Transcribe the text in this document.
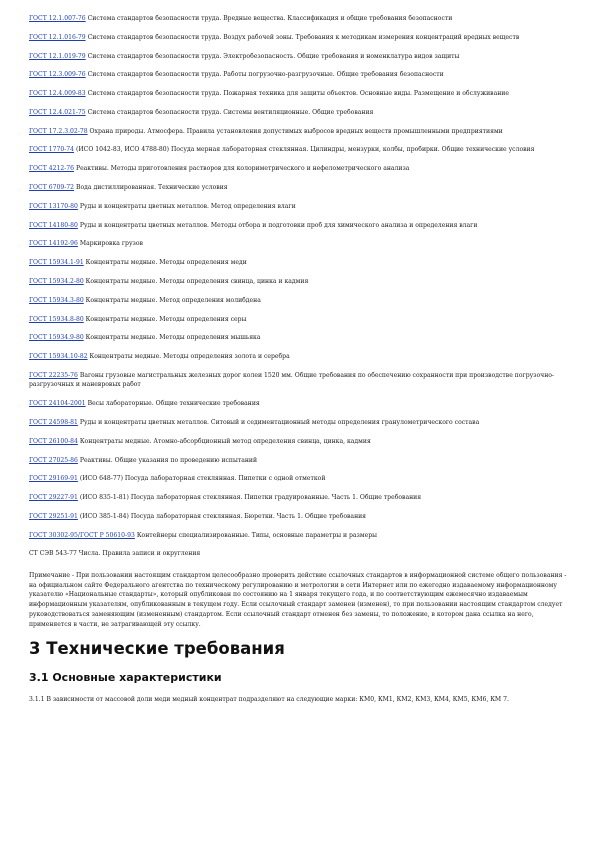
ГОСТ 12.1.007-76 Система стандартов безопасности труда. Вредные вещества. Классификация и общие требования безопасности

ГОСТ 12.1.016-79 Система стандартов безопасности труда. Воздух рабочей зоны. Требования к методикам измерения концентраций вредных веществ

ГОСТ 12.1.019-79 Система стандартов безопасности труда. Электробезопасность. Общие требования и номенклатура видов защиты

ГОСТ 12.3.009-76 Система стандартов безопасности труда. Работы погрузочно-разгрузочные. Общие требования безопасности

ГОСТ 12.4.009-83 Система стандартов безопасности труда. Пожарная техника для защиты объектов. Основные виды. Размещение и обслуживание

ГОСТ 12.4.021-75 Система стандартов безопасности труда. Системы вентиляционные. Общие требования

ГОСТ 17.2.3.02-78 Охрана природы. Атмосфера. Правила установления допустимых выбросов вредных веществ промышленными предприятиями

ГОСТ 1770-74 (ИСО 1042-83, ИСО 4788-80) Посуда мерная лабораторная стеклянная. Цилиндры, мензурки, колбы, пробирки. Общие технические условия

ГОСТ 4212-76 Реактивы. Методы приготовления растворов для колориметрического и нефелометрического анализа

ГОСТ 6709-72 Вода дистиллированная. Технические условия

ГОСТ 13170-80 Руды и концентраты цветных металлов. Метод определения влаги

ГОСТ 14180-80 Руды и концентраты цветных металлов. Методы отбора и подготовки проб для химического анализа и определения влаги

ГОСТ 14192-96 Маркировка грузов

ГОСТ 15934.1-91 Концентраты медные. Методы определения меди

ГОСТ 15934.2-80 Концентраты медные. Методы определения свинца, цинка и кадмия

ГОСТ 15934.3-80 Концентраты медные. Метод определения молибдена

ГОСТ 15934.8-80 Концентраты медные. Методы определения серы

ГОСТ 15934.9-80 Концентраты медные. Методы определения мышьяка

ГОСТ 15934.10-82 Концентраты медные. Методы определения золота и серебра

ГОСТ 22235-76 Вагоны грузовые магистральных железных дорог колеи 1520 мм. Общие требования по обеспечению сохранности при производстве погрузочно-разгрузочных и маневровых работ

ГОСТ 24104-2001 Весы лабораторные. Общие технические требования

ГОСТ 24598-81 Руды и концентраты цветных металлов. Ситовый и седиментационный методы определения гранулометрического состава

ГОСТ 26100-84 Концентраты медные. Атомно-абсорбционный метод определения свинца, цинка, кадмия

ГОСТ 27025-86 Реактивы. Общие указания по проведению испытаний

ГОСТ 29169-91 (ИСО 648-77) Посуда лабораторная стеклянная. Пипетки с одной отметкой

ГОСТ 29227-91 (ИСО 835-1-81) Посуда лабораторная стеклянная. Пипетки градуированные. Часть 1. Общие требования

ГОСТ 29251-91 (ИСО 385-1-84) Посуда лабораторная стеклянная. Бюретки. Часть 1. Общие требования

ГОСТ 30302-95/ГОСТ Р 50610-93 Контейнеры специализированные. Типы, основные параметры и размеры

СТ СЭВ 543-77 Числа. Правила записи и округления

Примечание - При пользовании настоящим стандартом целесообразно проверить действие ссылочных стандартов в информационной системе общего пользования - на официальном сайте Федерального агентства по техническому регулированию и метрологии в сети Интернет или по ежегодно издаваемому информационному указателю «Национальные стандарты», который опубликован по состоянию на 1 января текущего года, и по соответствующим ежемесячно издаваемым информационным указателям, опубликованным в текущем году. Если ссылочный стандарт заменен (изменен), то при пользовании настоящим стандартом следует руководствоваться заменяющим (измененным) стандартом. Если ссылочный стандарт отменен без замены, то положение, в котором дана ссылка на него, применяется в части, не затрагивающей эту ссылку.

3 Технические требования
3.1 Основные характеристики

3.1.1 В зависимости от массовой доли меди медный концентрат подразделяют на следующие марки: КМ0, КМ1, КМ2, КМ3, КМ4, КМ5, КМ6, КМ 7.
